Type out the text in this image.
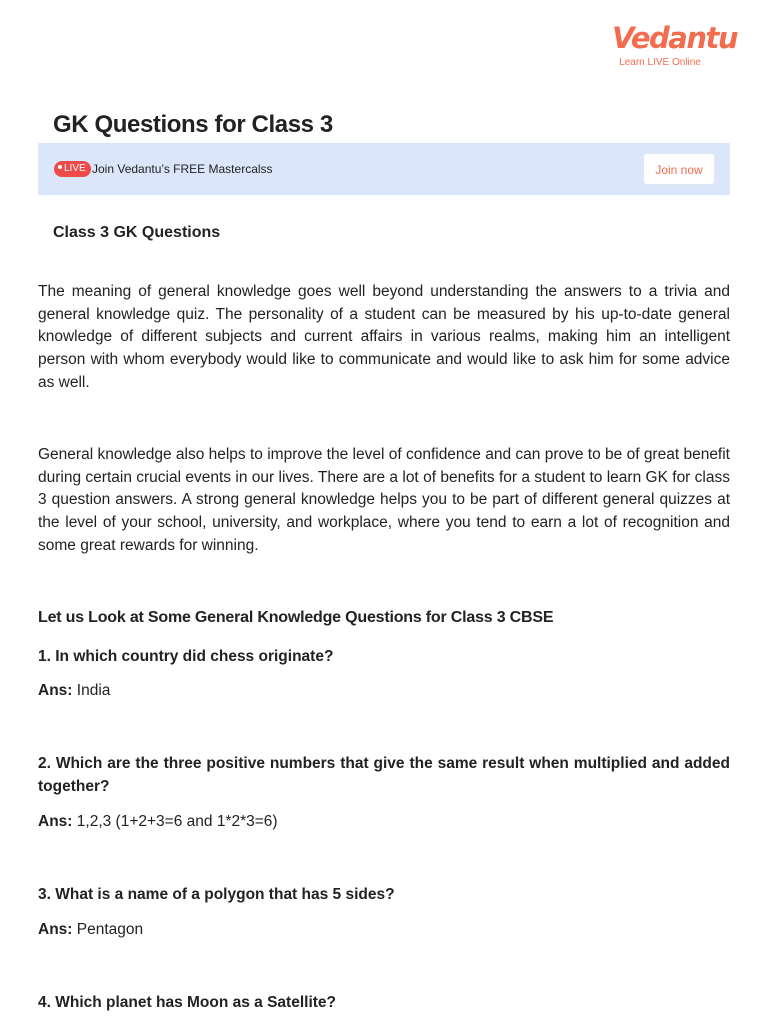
Vedantu
Learn LIVE Online
GK Questions for Class 3
LIVE Join Vedantu’s FREE Mastercalss	Join now
Class 3 GK Questions

The meaning of general knowledge goes well beyond understanding the answers to a trivia and general knowledge quiz. The personality of a student can be measured by his up-to-date general knowledge of different subjects and current affairs in various realms, making him an intelligent person with whom everybody would like to communicate and would like to ask him for some advice as well.

General knowledge also helps to improve the level of confidence and can prove to be of great benefit during certain crucial events in our lives. There are a lot of benefits for a student to learn GK for class 3 question answers. A strong general knowledge helps you to be part of different general quizzes at the level of your school, university, and workplace, where you tend to earn a lot of recognition and some great rewards for winning.

Let us Look at Some General Knowledge Questions for Class 3 CBSE

1. In which country did chess originate?

Ans: India

2. Which are the three positive numbers that give the same result when multiplied and added together?

Ans: 1,2,3 (1+2+3=6 and 1*2*3=6)

3. What is a name of a polygon that has 5 sides?

Ans: Pentagon

4. Which planet has Moon as a Satellite?
